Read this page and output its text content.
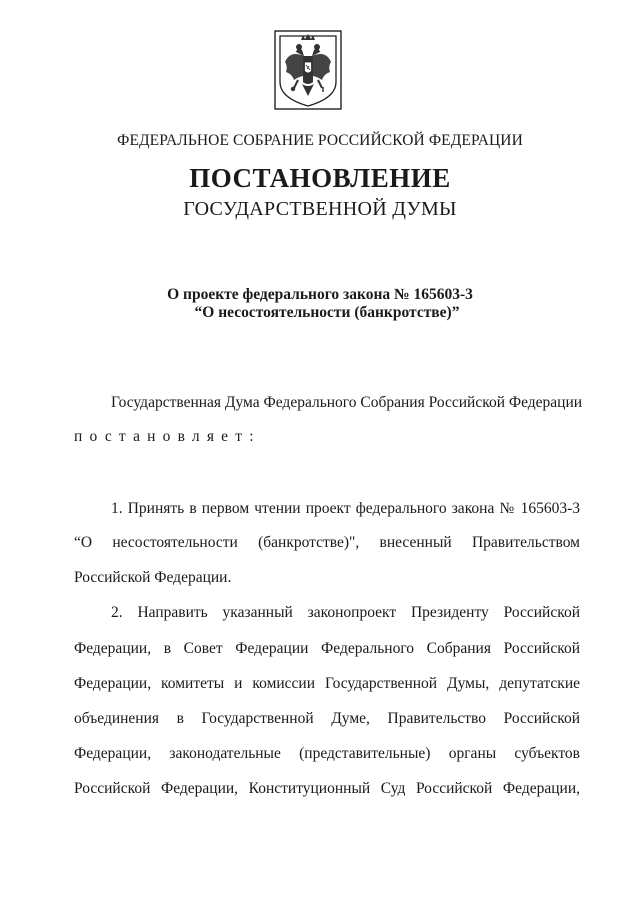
ФЕДЕРАЛЬНОЕ СОБРАНИЕ РОССИЙСКОЙ ФЕДЕРАЦИИ
ПОСТАНОВЛЕНИЕ
ГОСУДАРСТВЕННОЙ ДУМЫ
О проекте федерального закона № 165603-3
“О несостоятельности (банкротстве)”
Государственная Дума Федерального Собрания Российской Федерации
постановляет:
1. Принять в первом чтении проект федерального закона № 165603-3
“О несостоятельности (банкротстве)", внесенный Правительством
Российской Федерации.
2. Направить указанный законопроект Президенту Российской
Федерации, в Совет Федерации Федерального Собрания Российской
Федерации, комитеты и комиссии Государственной Думы, депутатские
объединения в Государственной Думе, Правительство Российской
Федерации, законодательные (представительные) органы субъектов
Российской Федерации, Конституционный Суд Российской Федерации,
